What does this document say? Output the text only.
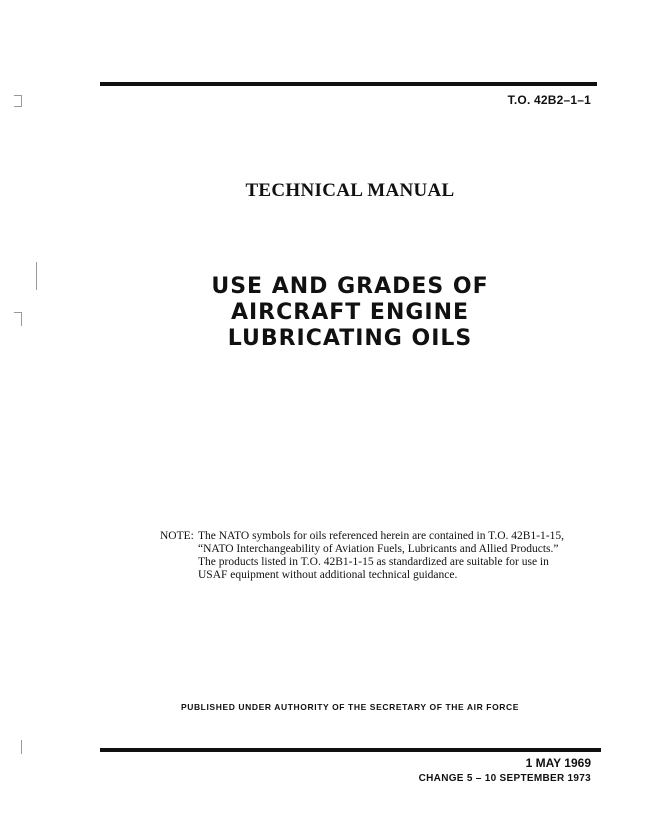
T.O. 42B2–1–1
TECHNICAL MANUAL
USE AND GRADES OF
AIRCRAFT ENGINE
LUBRICATING OILS
NOTE: The NATO symbols for oils referenced herein are contained in T.O. 42B1-1-15,
“NATO Interchangeability of Aviation Fuels, Lubricants and Allied Products.”
The products listed in T.O. 42B1-1-15 as standardized are suitable for use in
USAF equipment without additional technical guidance.
PUBLISHED UNDER AUTHORITY OF THE SECRETARY OF THE AIR FORCE
1 MAY 1969
CHANGE 5 – 10 SEPTEMBER 1973
